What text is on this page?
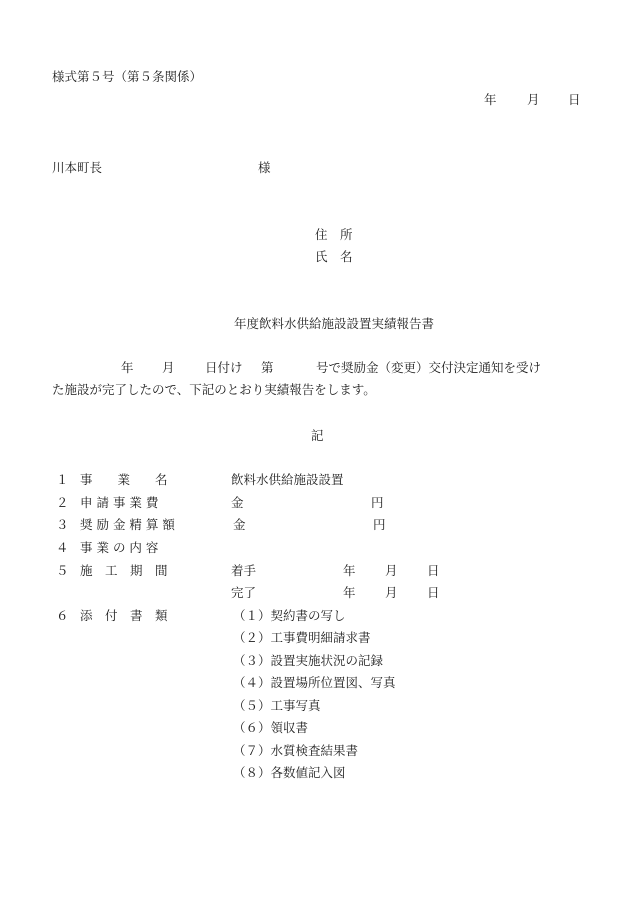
様式第５号（第５条関係）
年 月 日
川本町長	様
住　所
氏　名
年度飲料水供給施設設置実績報告書
年 月 日付け 第	号で奨励金（変更）交付決定通知を受け
た施設が完了したので、下記のとおり実績報告をします。
記
１ 事　　業　　名	飲料水供給施設設置
２ 申 請 事 業 費	金	円
３ 奨 励 金 精 算 額	金	円
４ 事 業 の 内 容
５ 施　工　期　間	着手	年 月 日
完了	年 月 日
６ 添　付　書　類	（１）契約書の写し
（２）工事費明細請求書
（３）設置実施状況の記録
（４）設置場所位置図、写真
（５）工事写真
（６）領収書
（７）水質検査結果書
（８）各数値記入図
